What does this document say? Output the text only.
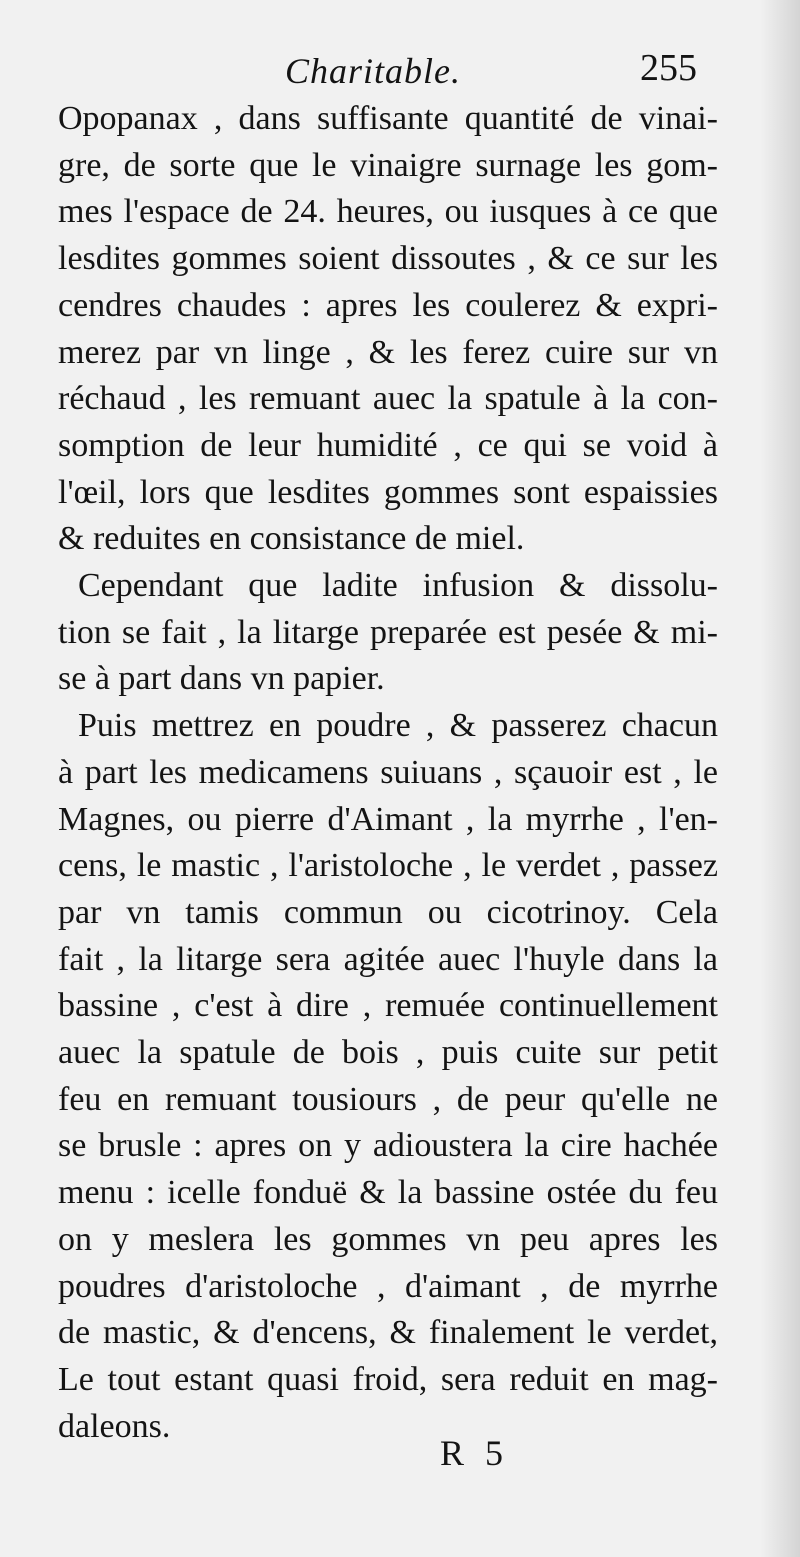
Charitable.	255

Opopanax , dans suffisante quantité de vinai-
gre, de sorte que le vinaigre surnage les gom-
mes l'espace de 24. heures, ou iusques à ce que
lesdites gommes soient dissoutes , & ce sur les
cendres chaudes : apres les coulerez & expri-
merez par vn linge , & les ferez cuire sur vn
réchaud , les remuant auec la spatule à la con-
somption de leur humidité , ce qui se void à
l'œil, lors que lesdites gommes sont espaissies
& reduites en consistance de miel.

Cependant que ladite infusion & dissolu-
tion se fait , la litarge preparée est pesée & mi-
se à part dans vn papier.

Puis mettrez en poudre , & passerez chacun
à part les medicamens suiuans , sçauoir est , le
Magnes, ou pierre d'Aimant , la myrrhe , l'en-
cens, le mastic , l'aristoloche , le verdet , passez
par vn tamis commun ou cicotrinoy. Cela
fait , la litarge sera agitée auec l'huyle dans la
bassine , c'est à dire , remuée continuellement
auec la spatule de bois , puis cuite sur petit
feu en remuant tousiours , de peur qu'elle ne
se brusle : apres on y adioustera la cire hachée
menu : icelle fonduë & la bassine ostée du feu
on y meslera les gommes vn peu apres les
poudres d'aristoloche , d'aimant , de myrrhe
de mastic, & d'encens, & finalement le verdet,
Le tout estant quasi froid, sera reduit en mag-
daleons.

R 5
